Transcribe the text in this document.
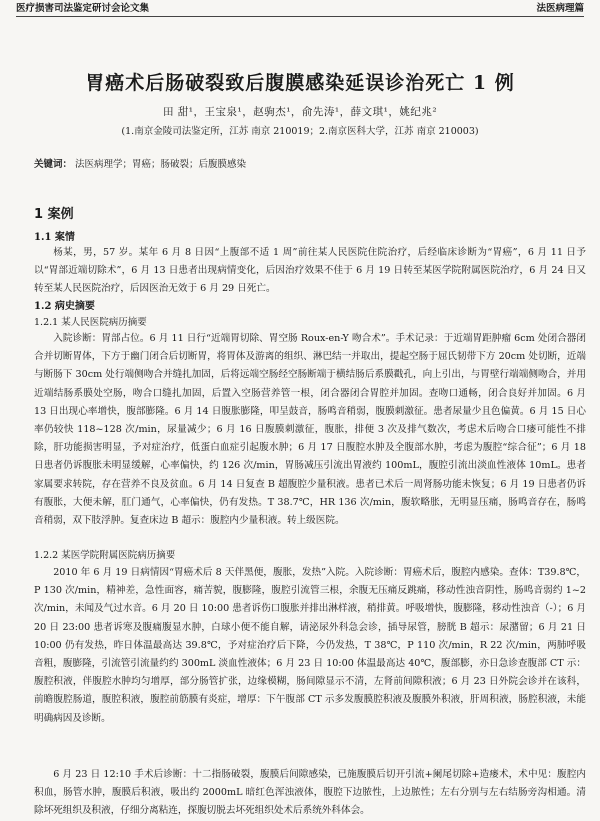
医疗损害司法鉴定研讨会论文集	法医病理篇
胃癌术后肠破裂致后腹膜感染延误诊治死亡 1 例
田 甜¹，王宝泉¹，赵驹杰¹，俞先涛¹，薛文琪¹，姚纪兆²
(1.南京金陵司法鉴定所，江苏 南京 210019；2.南京医科大学，江苏 南京 210003)
关键词： 法医病理学；胃癌；肠破裂；后腹膜感染
1 案例
1.1 案情

杨某，男，57 岁。某年 6 月 8 日因“上腹部不适 1 周”前往某人民医院住院治疗，后经临床诊断为“胃癌”，6 月 11 日予以“胃部近端切除术”，6 月 13 日患者出现病情变化，后因治疗效果不佳于 6 月 19 日转至某医学院附属医院治疗，6 月 24 日又转至某人民医院治疗，后因医治无效于 6 月 29 日死亡。

1.2 病史摘要
1.2.1 某人民医院病历摘要

入院诊断：胃部占位。6 月 11 日行“近端胃切除、胃空肠 Roux-en-Y 吻合术”。手术记录：于近端胃距肿瘤 6cm 处闭合器闭合并切断胃体，下方于幽门闭合后切断胃，将胃体及游离的组织、淋巴结一并取出，提起空肠于屈氏韧带下方 20cm 处切断，近端与断肠下 30cm 处行端侧吻合并缝扎加固，后将远端空肠经空肠断端于横结肠后系膜戳孔，向上引出，与胃壁行端端侧吻合，并用近端结肠系膜处空肠，吻合口缝扎加固，后置入空肠营养管一根，闭合器闭合胃腔并加固。查吻口通畅，闭合良好并加固。6 月 13 日出现心率增快，腹部膨隆。6 月 14 日腹胀膨隆，叩呈鼓音，肠鸣音稍弱，腹膜刺激征。患者尿量少且色偏黄。6 月 15 日心率仍较快 118~128 次/min，尿量减少；6 月 16 日腹膜刺激征，腹胀，排便 3 次及排气数次，考虑术后吻合口瘘可能性不排除，肝功能损害明显，予对症治疗，低蛋白血症引起腹水肿；6 月 17 日腹腔水肿及全腹部水肿，考虑为腹腔“综合征”；6 月 18 日患者仍诉腹胀未明显缓解，心率偏快，约 126 次/min，胃肠减压引流出胃液约 100mL，腹腔引流出淡血性液体 10mL。患者家属要求转院，存在营养不良及贫血。6 月 14 日复查 B 超腹腔少量积液。患者已术后一周肾肠功能未恢复；6 月 19 日患者仍诉有腹胀，大便未解，肛门通气，心率偏快，仍有发热。T 38.7℃，HR 136 次/min，腹软略胀，无明显压痛，肠鸣音存在，肠鸣音稍弱，双下肢浮肿。复查床边 B 超示：腹腔内少量积液。转上级医院。

1.2.2 某医学院附属医院病历摘要

2010 年 6 月 19 日病情因“胃癌术后 8 天伴黑便，腹胀，发热”入院。入院诊断：胃癌术后，腹腔内感染。查体：T39.8℃，P 130 次/min，精神差，急性面容，痛苦貌，腹膨隆，腹腔引流管三根，余腹无压痛反跳痛，移动性浊音阴性，肠鸣音弱约 1~2 次/min，未闻及气过水音。6 月 20 日 10:00 患者诉伤口腹胀并排出淋样液，稍排黄。呼吸增快，腹膨隆，移动性浊音（-）；6 月 20 日 23:00 患者诉寒及腹痛腹显水肿，白球小便不能自解，请泌尿外科急会诊，插导尿管，膀胱 B 超示：尿潴留；6 月 21 日 10:00 仍有发热，昨日体温最高达 39.8℃，予对症治疗后下降，今仍发热，T 38℃，P 110 次/min，R 22 次/min，两肺呼吸音粗，腹膨隆，引流管引流量约约 300mL 淡血性液体；6 月 23 日 10:00 体温最高达 40℃，腹部膨，亦日急诊查腹部 CT 示：腹腔积液，伴腹腔水肿均匀增厚，部分肠管扩张，边缘模糊，肠间隙显示不清，左肾前间隙积液；6 月 23 日外院会诊并在该科，前瞻腹腔肠道，腹腔积液，腹腔前筋膜有炎症，增厚：下午腹部 CT 示多发腹膜腔积液及腹膜外积液，肝周积液，肠腔积液，未能明确病因及诊断。

6 月 23 日 12:10 手术后诊断：十二指肠破裂，腹膜后间隙感染，已施腹膜后切开引流+阑尾切除+造瘘术，术中见：腹腔内积血，肠管水肿，腹膜后积液，吸出约 2000mL 暗红色浑浊液体，腹腔下边脓性，上边脓性；左右分别与左右结肠旁沟相通。清除坏死组织及积液，仔细分离粘连，探腹切脱去坏死组织处术后系统外科体会。
